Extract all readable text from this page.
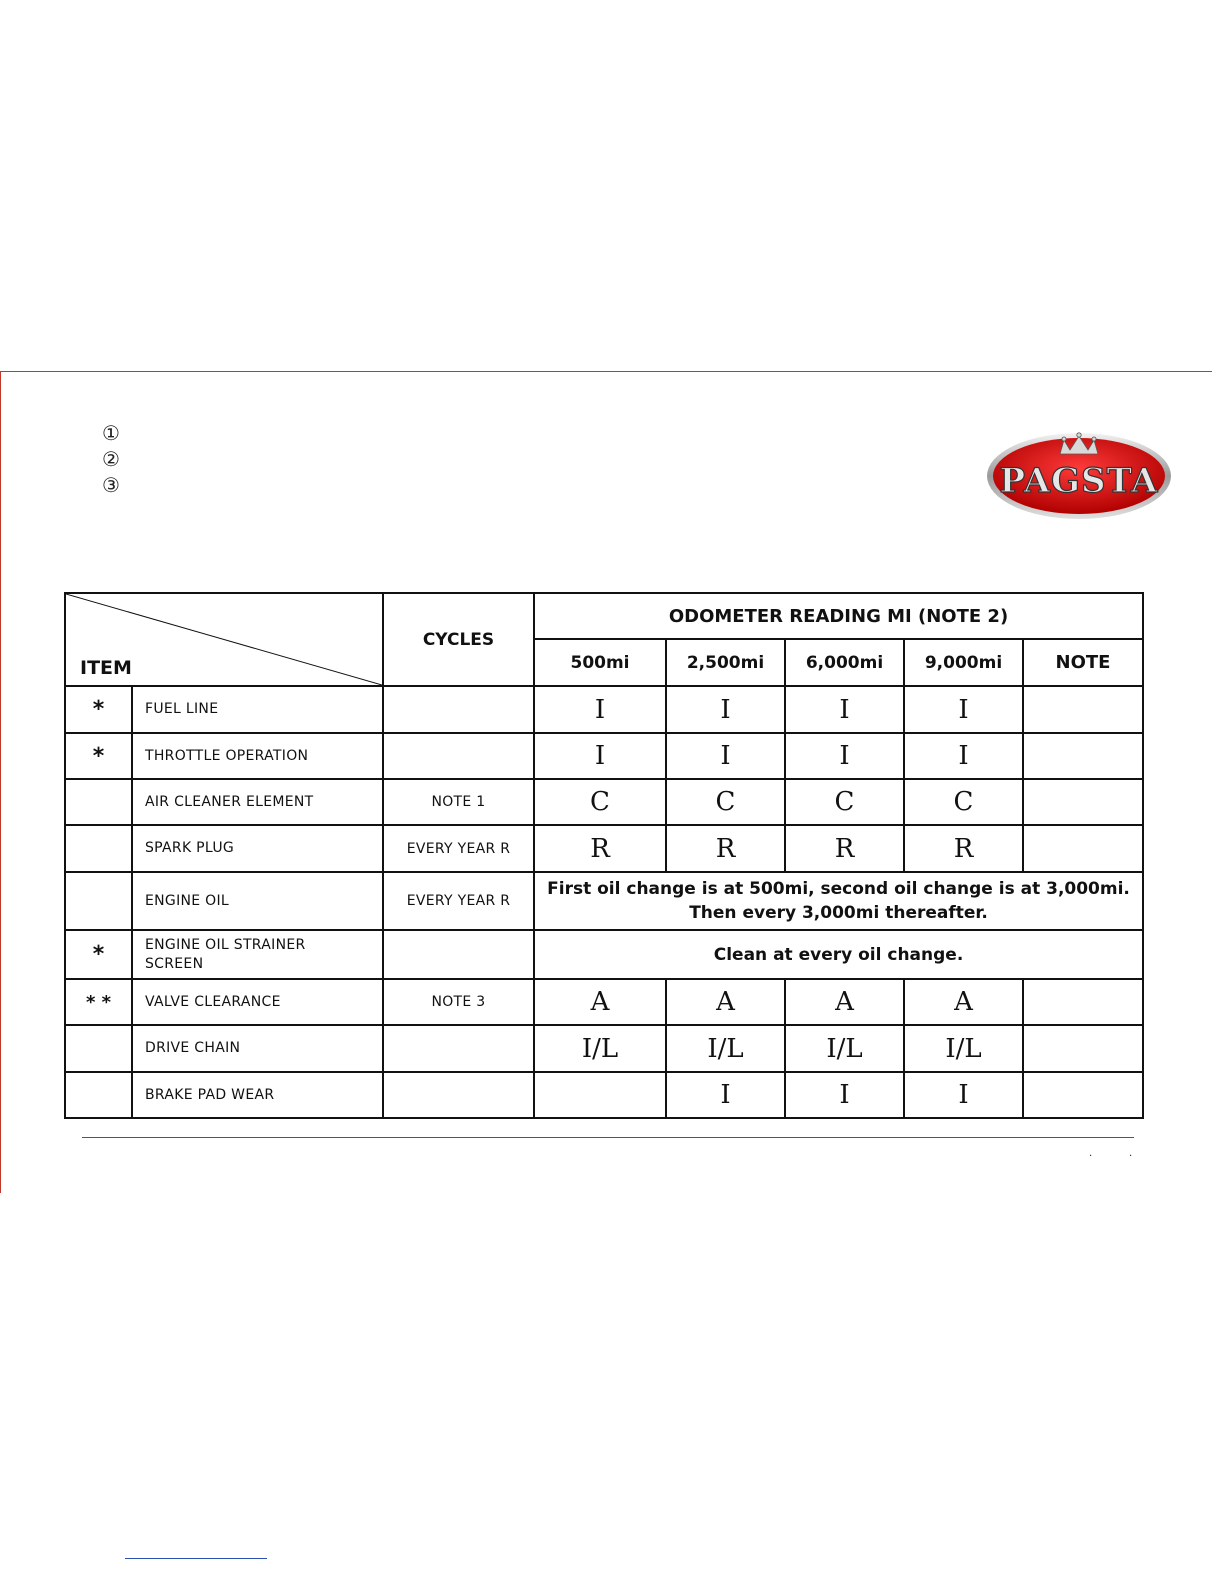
①
②
③	PAGSTA
ITEM		CYCLES	ODOMETER READING MI (NOTE 2)				
			500mi	2,500mi	6,000mi	9,000mi	NOTE
*	FUEL LINE		I	I	I	I	
*	THROTTLE OPERATION		I	I	I	I	
	AIR CLEANER ELEMENT	NOTE 1	C	C	C	C	
	SPARK PLUG	EVERY YEAR R	R	R	R	R	
	ENGINE OIL	EVERY YEAR R	First oil change is at 500mi, second oil change is at 3,000mi.
Then every 3,000mi thereafter.				

*	ENGINE OIL STRAINER
SCREEN		Clean at every oil change.				
* *	VALVE CLEARANCE	NOTE 3	A	A	A	A	
	DRIVE CHAIN		I/L	I/L	I/L	I/L	
	BRAKE PAD WEAR			I	I	I	
.	.
